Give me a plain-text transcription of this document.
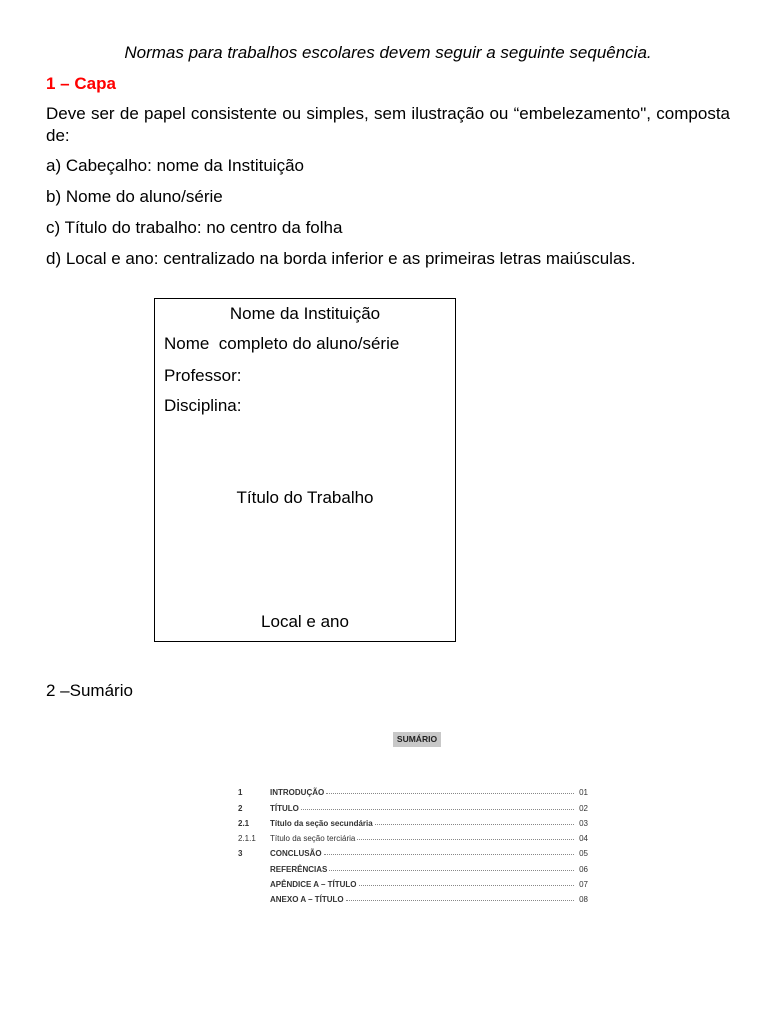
Normas para trabalhos escolares devem seguir a seguinte sequência.
1 – Capa
Deve ser de papel consistente ou simples, sem ilustração ou “embelezamento", composta de:
a) Cabeçalho: nome da Instituição
b) Nome do aluno/série
c) Título do trabalho: no centro da folha
d) Local e ano: centralizado na borda inferior e as primeiras letras maiúsculas.
Nome da Instituição
Nome  completo do aluno/série
Professor:
Disciplina:
Título do Trabalho
Local e ano
2 –Sumário
SUMÁRIO
1	INTRODUÇÃO	01
2	TÍTULO	02
2.1	Título da seção secundária	03
2.1.1	Título da seção terciária	04
3	CONCLUSÃO	05
REFERÊNCIAS	06
APÊNDICE A – TÍTULO	07
ANEXO A – TÍTULO	08
